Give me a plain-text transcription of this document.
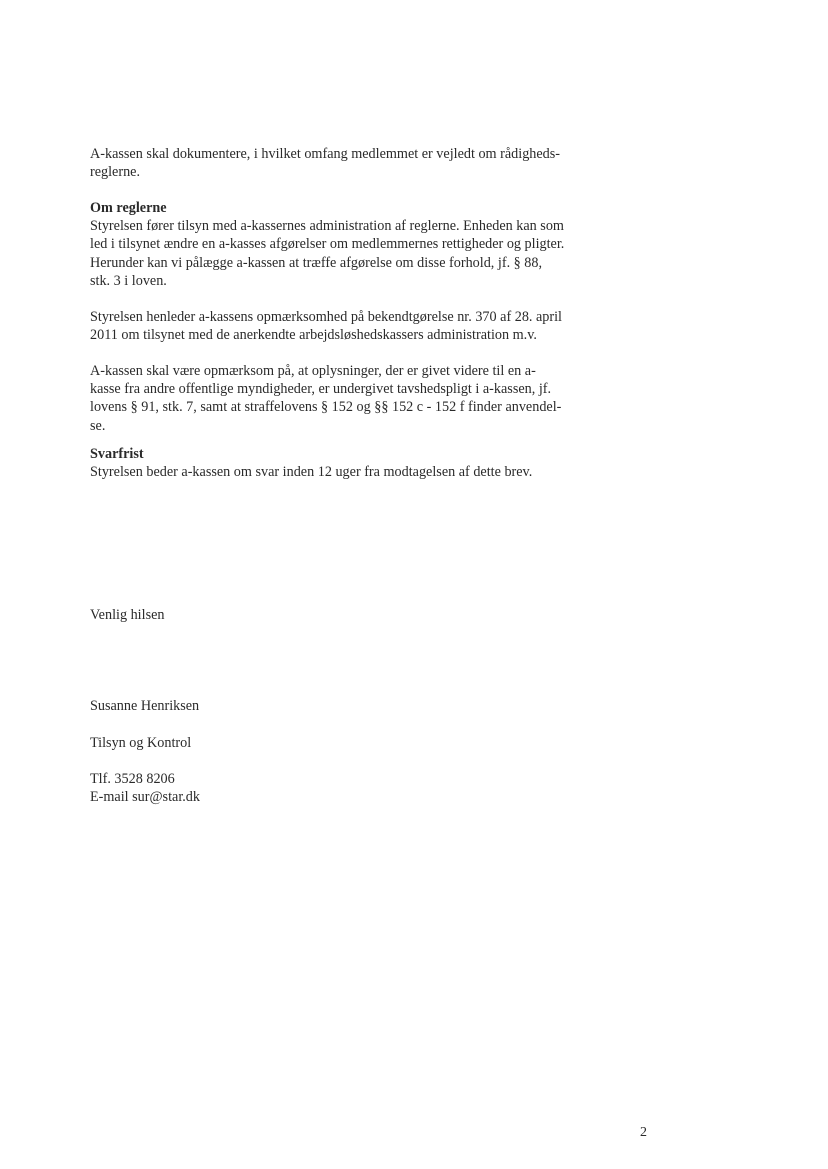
A-kassen skal dokumentere, i hvilket omfang medlemmet er vejledt om rådigheds-
reglerne.
Om reglerne
Styrelsen fører tilsyn med a-kassernes administration af reglerne. Enheden kan som
led i tilsynet ændre en a-kasses afgørelser om medlemmernes rettigheder og pligter.
Herunder kan vi pålægge a-kassen at træffe afgørelse om disse forhold, jf. § 88,
stk. 3 i loven.
Styrelsen henleder a-kassens opmærksomhed på bekendtgørelse nr. 370 af 28. april
2011 om tilsynet med de anerkendte arbejdsløshedskassers administration m.v.
A-kassen skal være opmærksom på, at oplysninger, der er givet videre til en a-
kasse fra andre offentlige myndigheder, er undergivet tavshedspligt i a-kassen, jf.
lovens § 91, stk. 7, samt at straffelovens § 152 og §§ 152 c - 152 f finder anvendel-
se.
Svarfrist
Styrelsen beder a-kassen om svar inden 12 uger fra modtagelsen af dette brev.
Venlig hilsen
Susanne Henriksen
Tilsyn og Kontrol
Tlf. 3528 8206
E-mail sur@star.dk
2
